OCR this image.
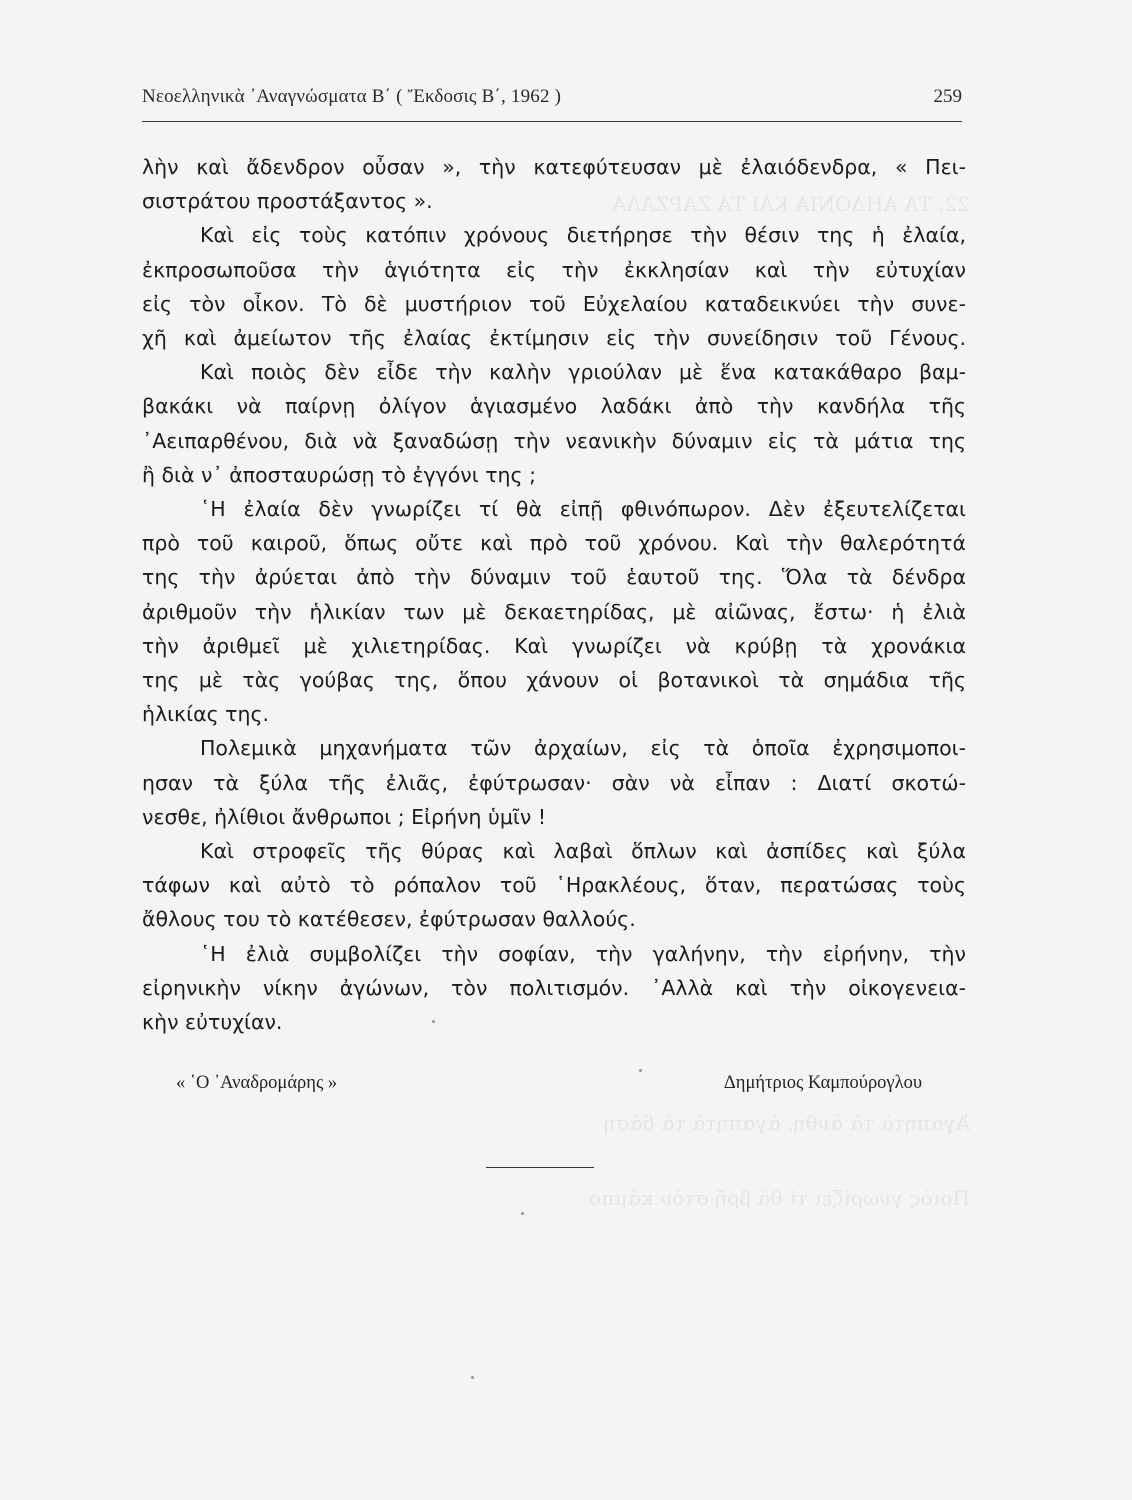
22. ΤΑ ΑΗΔΟΝΙΑ ΚΑΙ ΤΑ ΖΑΡΖΑΛΑ
Ἀγαπητὰ τὰ ἄνθη, ἀγαπητὰ τὰ δάση
Ποιὸς γνωρίζει τί θὰ βρῆ στὸν κάμπο
Νεοελληνικὰ ᾿Αναγνώσματα Β΄ ( Ἔκδοσις Β΄, 1962 )	259
λὴν καὶ ἄδενδρον οὖσαν », τὴν κατεφύτευσαν μὲ ἐλαιόδενδρα, « Πει-
σιστράτου προστάξαντος ».
Καὶ εἰς τοὺς κατόπιν χρόνους διετήρησε τὴν θέσιν της ἡ ἐλαία,
ἐκπροσωποῦσα τὴν ἁγιότητα εἰς τὴν ἐκκλησίαν καὶ τὴν εὐτυχίαν
εἰς τὸν οἶκον. Τὸ δὲ μυστήριον τοῦ Εὐχελαίου καταδεικνύει τὴν συνε-
χῆ καὶ ἀμείωτον τῆς ἐλαίας ἐκτίμησιν εἰς τὴν συνείδησιν τοῦ Γένους.
Καὶ ποιὸς δὲν εἶδε τὴν καλὴν γριούλαν μὲ ἕνα κατακάθαρο βαμ-
βακάκι νὰ παίρνῃ ὀλίγον ἁγιασμένο λαδάκι ἀπὸ τὴν κανδήλα τῆς
᾿Αειπαρθένου, διὰ νὰ ξαναδώσῃ τὴν νεανικὴν δύναμιν εἰς τὰ μάτια της
ἢ διὰ ν᾿ ἀποσταυρώσῃ τὸ ἐγγόνι της ;
῾Η ἐλαία δὲν γνωρίζει τί θὰ εἰπῇ φθινόπωρον. Δὲν ἐξευτελίζεται
πρὸ τοῦ καιροῦ, ὅπως οὔτε καὶ πρὸ τοῦ χρόνου. Καὶ τὴν θαλερότητά
της τὴν ἀρύεται ἀπὸ τὴν δύναμιν τοῦ ἑαυτοῦ της. Ὅλα τὰ δένδρα
ἀριθμοῦν τὴν ἡλικίαν των μὲ δεκαετηρίδας, μὲ αἰῶνας, ἔστω· ἡ ἐλιὰ
τὴν ἀριθμεῖ μὲ χιλιετηρίδας. Καὶ γνωρίζει νὰ κρύβῃ τὰ χρονάκια
της μὲ τὰς γούβας της, ὅπου χάνουν οἱ βοτανικοὶ τὰ σημάδια τῆς
ἡλικίας της.
Πολεμικὰ μηχανήματα τῶν ἀρχαίων, εἰς τὰ ὁποῖα ἐχρησιμοποι-
ησαν τὰ ξύλα τῆς ἐλιᾶς, ἐφύτρωσαν· σὰν νὰ εἶπαν : Διατί σκοτώ-
νεσθε, ἠλίθιοι ἄνθρωποι ; Εἰρήνη ὑμῖν !
Καὶ στροφεῖς τῆς θύρας καὶ λαβαὶ ὅπλων καὶ ἀσπίδες καὶ ξύλα
τάφων καὶ αὐτὸ τὸ ρόπαλον τοῦ ῾Ηρακλέους, ὅταν, περατώσας τοὺς
ἄθλους του τὸ κατέθεσεν, ἐφύτρωσαν θαλλούς.
῾Η ἐλιὰ συμβολίζει τὴν σοφίαν, τὴν γαλήνην, τὴν εἰρήνην, τὴν
εἰρηνικὴν νίκην ἀγώνων, τὸν πολιτισμόν. ᾿Αλλὰ καὶ τὴν οἰκογενεια-
κὴν εὐτυχίαν.
« ῾Ο ᾿Αναδρομάρης »	Δημήτριος Καμπούρογλου
